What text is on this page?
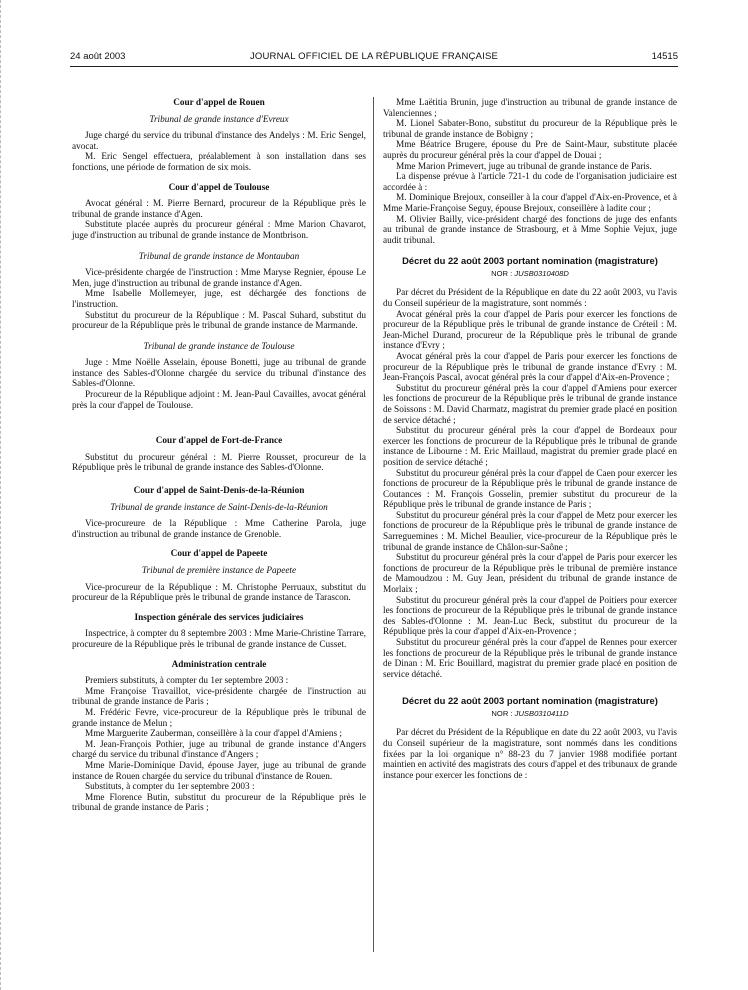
24 août 2003	JOURNAL OFFICIEL DE LA RÉPUBLIQUE FRANÇAISE	14515
Cour d'appel de Rouen
Tribunal de grande instance d'Evreux

Juge chargé du service du tribunal d'instance des Andelys : M. Eric Sengel, avocat.

M. Eric Sengel effectuera, préalablement à son installation dans ses fonctions, une période de formation de six mois.

Cour d'appel de Toulouse

Avocat général : M. Pierre Bernard, procureur de la République près le tribunal de grande instance d'Agen.

Substitute placée auprès du procureur général : Mme Marion Chavarot, juge d'instruction au tribunal de grande instance de Montbrison.

Tribunal de grande instance de Montauban

Vice-présidente chargée de l'instruction : Mme Maryse Regnier, épouse Le Men, juge d'instruction au tribunal de grande instance d'Agen.

Mme Isabelle Mollemeyer, juge, est déchargée des fonctions de l'instruction.

Substitut du procureur de la République : M. Pascal Suhard, substitut du procureur de la République près le tribunal de grande instance de Marmande.

Tribunal de grande instance de Toulouse

Juge : Mme Noëlle Asselain, épouse Bonetti, juge au tribunal de grande instance des Sables-d'Olonne chargée du service du tribunal d'instance des Sables-d'Olonne.

Procureur de la République adjoint : M. Jean-Paul Cavailles, avocat général près la cour d'appel de Toulouse.

Cour d'appel de Fort-de-France

Substitut du procureur général : M. Pierre Rousset, procureur de la République près le tribunal de grande instance des Sables-d'Olonne.

Cour d'appel de Saint-Denis-de-la-Réunion
Tribunal de grande instance de Saint-Denis-de-la-Réunion

Vice-procureure de la République : Mme Catherine Parola, juge d'instruction au tribunal de grande instance de Grenoble.

Cour d'appel de Papeete
Tribunal de première instance de Papeete

Vice-procureur de la République : M. Christophe Perruaux, substitut du procureur de la République près le tribunal de grande instance de Tarascon.

Inspection générale des services judiciaires

Inspectrice, à compter du 8 septembre 2003 : Mme Marie-Christine Tarrare, procureure de la République près le tribunal de grande instance de Cusset.

Administration centrale

Premiers substituts, à compter du 1er septembre 2003 :

Mme Françoise Travaillot, vice-présidente chargée de l'instruction au tribunal de grande instance de Paris ;

M. Frédéric Fevre, vice-procureur de la République près le tribunal de grande instance de Melun ;

Mme Marguerite Zauberman, conseillère à la cour d'appel d'Amiens ;

M. Jean-François Pothier, juge au tribunal de grande instance d'Angers chargé du service du tribunal d'instance d'Angers ;

Mme Marie-Dominique David, épouse Jayer, juge au tribunal de grande instance de Rouen chargée du service du tribunal d'instance de Rouen.

Substituts, à compter du 1er septembre 2003 :

Mme Florence Butin, substitut du procureur de la République près le tribunal de grande instance de Paris ;

Mme Laëtitia Brunin, juge d'instruction au tribunal de grande instance de Valenciennes ;

M. Lionel Sabater-Bono, substitut du procureur de la République près le tribunal de grande instance de Bobigny ;

Mme Béatrice Brugere, épouse du Pre de Saint-Maur, substitute placée auprès du procureur général près la cour d'appel de Douai ;

Mme Marion Primevert, juge au tribunal de grande instance de Paris.

La dispense prévue à l'article 721-1 du code de l'organisation judiciaire est accordée à :

M. Dominique Brejoux, conseiller à la cour d'appel d'Aix-en-Provence, et à Mme Marie-Françoise Seguy, épouse Brejoux, conseillère à ladite cour ;

M. Olivier Bailly, vice-président chargé des fonctions de juge des enfants au tribunal de grande instance de Strasbourg, et à Mme Sophie Vejux, juge audit tribunal.

Décret du 22 août 2003 portant nomination (magistrature)
NOR : JUSB0310408D

Par décret du Président de la République en date du 22 août 2003, vu l'avis du Conseil supérieur de la magistrature, sont nommés :

Avocat général près la cour d'appel de Paris pour exercer les fonctions de procureur de la République près le tribunal de grande instance de Créteil : M. Jean-Michel Durand, procureur de la République près le tribunal de grande instance d'Evry ;

Avocat général près la cour d'appel de Paris pour exercer les fonctions de procureur de la République près le tribunal de grande instance d'Evry : M. Jean-François Pascal, avocat général près la cour d'appel d'Aix-en-Provence ;

Substitut du procureur général près la cour d'appel d'Amiens pour exercer les fonctions de procureur de la République près le tribunal de grande instance de Soissons : M. David Charmatz, magistrat du premier grade placé en position de service détaché ;

Substitut du procureur général près la cour d'appel de Bordeaux pour exercer les fonctions de procureur de la République près le tribunal de grande instance de Libourne : M. Eric Maillaud, magistrat du premier grade placé en position de service détaché ;

Substitut du procureur général près la cour d'appel de Caen pour exercer les fonctions de procureur de la République près le tribunal de grande instance de Coutances : M. François Gosselin, premier substitut du procureur de la République près le tribunal de grande instance de Paris ;

Substitut du procureur général près la cour d'appel de Metz pour exercer les fonctions de procureur de la République près le tribunal de grande instance de Sarreguemines : M. Michel Beaulier, vice-procureur de la République près le tribunal de grande instance de Châlon-sur-Saône ;

Substitut du procureur général près la cour d'appel de Paris pour exercer les fonctions de procureur de la République près le tribunal de première instance de Mamoudzou : M. Guy Jean, président du tribunal de grande instance de Morlaix ;

Substitut du procureur général près la cour d'appel de Poitiers pour exercer les fonctions de procureur de la République près le tribunal de grande instance des Sables-d'Olonne : M. Jean-Luc Beck, substitut du procureur de la République près la cour d'appel d'Aix-en-Provence ;

Substitut du procureur général près la cour d'appel de Rennes pour exercer les fonctions de procureur de la République près le tribunal de grande instance de Dinan : M. Eric Bouillard, magistrat du premier grade placé en position de service détaché.

Décret du 22 août 2003 portant nomination (magistrature)
NOR : JUSB0310411D

Par décret du Président de la République en date du 22 août 2003, vu l'avis du Conseil supérieur de la magistrature, sont nommés dans les conditions fixées par la loi organique n° 88-23 du 7 janvier 1988 modifiée portant maintien en activité des magistrats des cours d'appel et des tribunaux de grande instance pour exercer les fonctions de :
